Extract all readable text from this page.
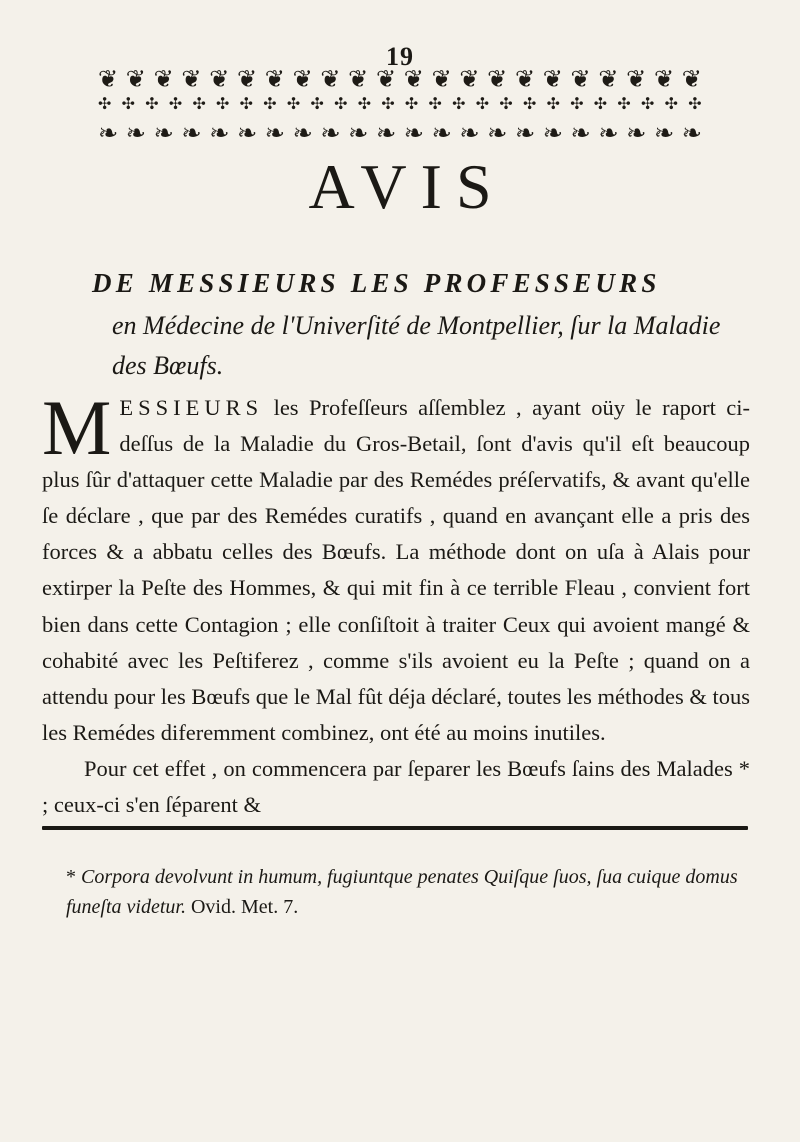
19
❦ ❦ ❦ ❦ ❦ ❦ ❦ ❦ ❦ ❦ ❦ ❦ ❦ ❦ ❦ ❦ ❦ ❦ ❦ ❦ ❦ ❦
✣ ✣ ✣ ✣ ✣ ✣ ✣ ✣ ✣ ✣ ✣ ✣ ✣ ✣ ✣ ✣ ✣ ✣ ✣ ✣ ✣ ✣ ✣ ✣ ✣ ✣
❧ ❧ ❧ ❧ ❧ ❧ ❧ ❧ ❧ ❧ ❧ ❧ ❧ ❧ ❧ ❧ ❧ ❧ ❧ ❧ ❧ ❧
AVIS
DE MESSIEURS LES PROFESSEURS

en Médecine de l'Univerſité de Montpellier, ſur la Maladie des Bœufs.

MESSIEURS les Profeſſeurs aſſemblez , ayant oüy le raport ci-deſſus de la Maladie du Gros-Betail, ſont d'avis qu'il eſt beaucoup plus ſûr d'attaquer cette Maladie par des Remédes préſervatifs, & avant qu'elle ſe déclare , que par des Remédes curatifs , quand en avançant elle a pris des forces & a abbatu celles des Bœufs. La méthode dont on uſa à Alais pour extirper la Peſte des Hommes, & qui mit fin à ce terrible Fleau , convient fort bien dans cette Contagion ; elle conſiſtoit à traiter Ceux qui avoient mangé & cohabité avec les Peſtiferez , comme s'ils avoient eu la Peſte ; quand on a attendu pour les Bœufs que le Mal fût déja déclaré, toutes les méthodes & tous les Remédes diferemment combinez, ont été au moins inutiles.
Pour cet effet , on commencera par ſeparer les Bœufs ſains des Malades * ; ceux-ci s'en ſéparent &

* Corpora devolvunt in humum, fugiuntque penates Quiſque ſuos, ſua cuique domus funeſta videtur. Ovid. Met. 7.
